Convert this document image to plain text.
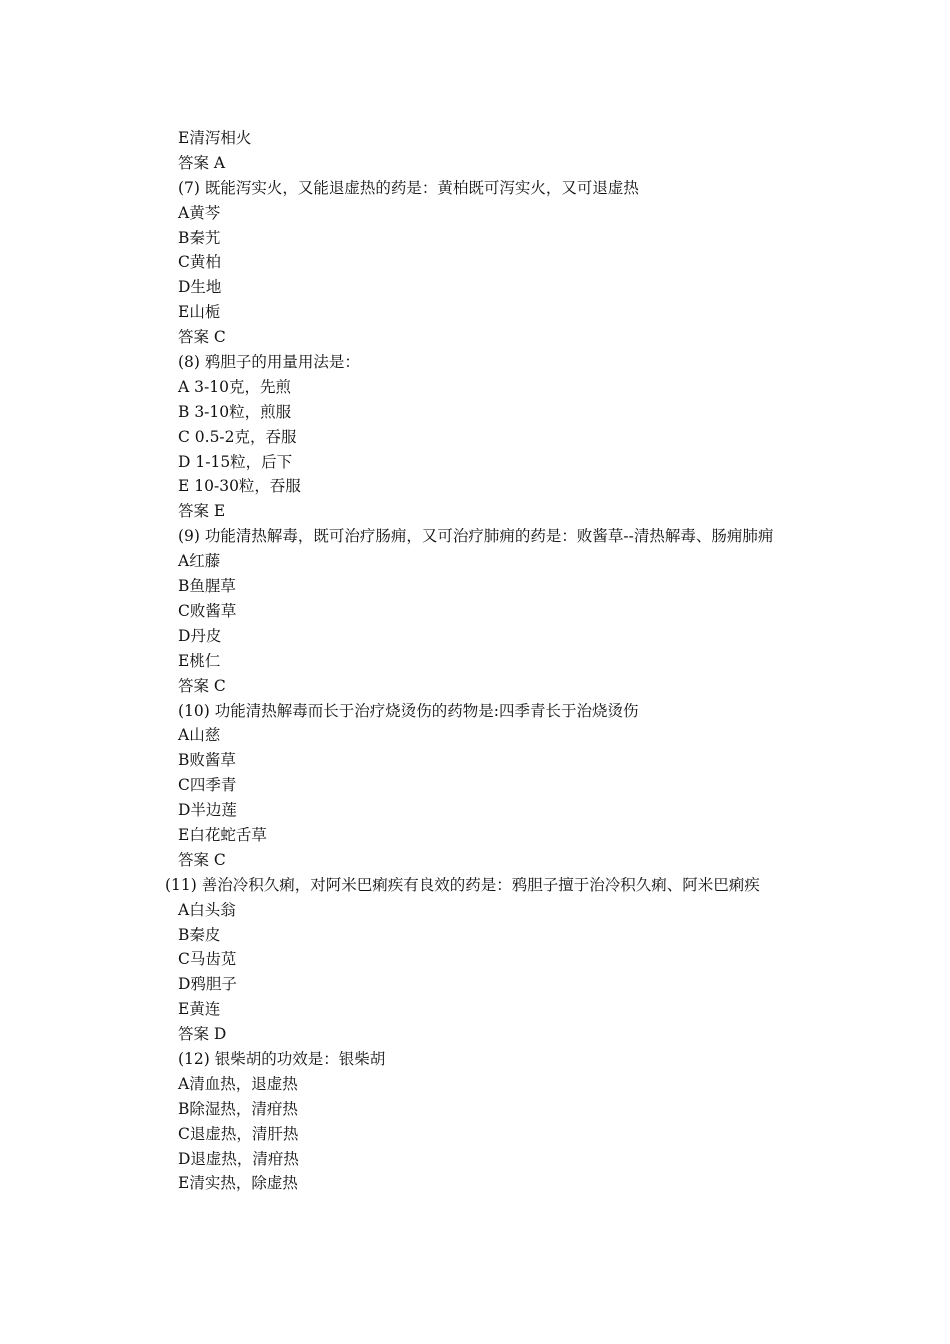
E清泻相火
答案 A
(7) 既能泻实火，又能退虚热的药是：黄柏既可泻实火，又可退虚热
A黄芩
B秦艽
C黄柏
D生地
E山栀
答案 C
(8) 鸦胆子的用量用法是：
A 3-10克，先煎
B 3-10粒，煎服
C 0.5-2克，吞服
D 1-15粒，后下
E 10-30粒，吞服
答案 E
(9) 功能清热解毒，既可治疗肠痈，又可治疗肺痈的药是：败酱草--清热解毒、肠痈肺痈
A红藤
B鱼腥草
C败酱草
D丹皮
E桃仁
答案 C
(10) 功能清热解毒而长于治疗烧烫伤的药物是:四季青长于治烧烫伤
A山慈
B败酱草
C四季青
D半边莲
E白花蛇舌草
答案 C
(11) 善治冷积久痢，对阿米巴痢疾有良效的药是：鸦胆子擅于治冷积久痢、阿米巴痢疾
A白头翁
B秦皮
C马齿苋
D鸦胆子
E黄连
答案 D
(12) 银柴胡的功效是：银柴胡
A清血热，退虚热
B除湿热，清疳热
C退虚热，清肝热
D退虚热，清疳热
E清实热，除虚热
